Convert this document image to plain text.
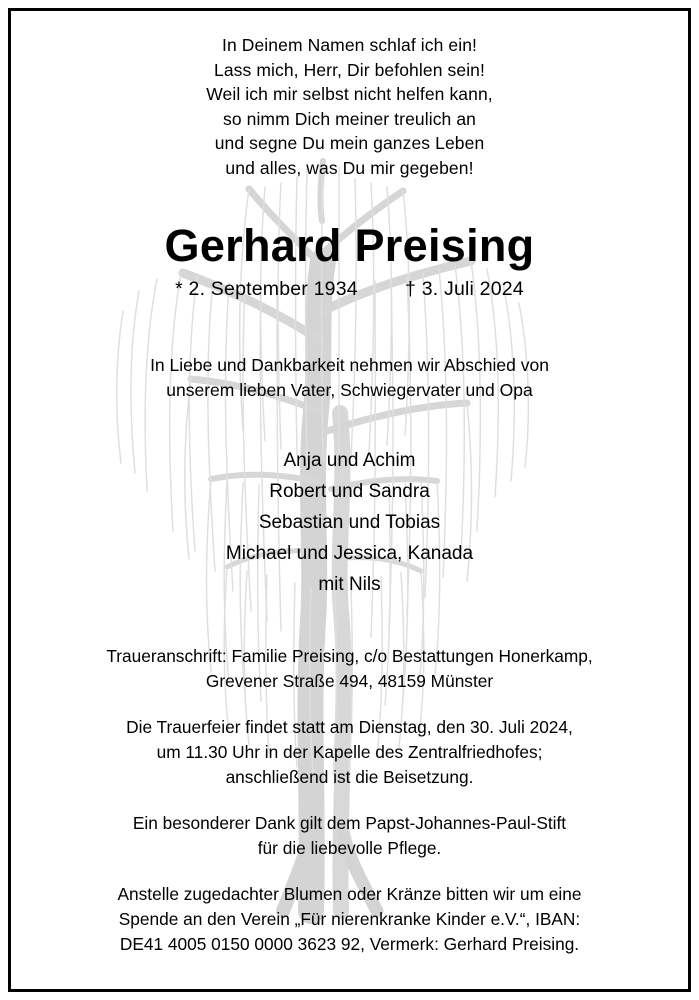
In Deinem Namen schlaf ich ein!
Lass mich, Herr, Dir befohlen sein!
Weil ich mir selbst nicht helfen kann,
so nimm Dich meiner treulich an
und segne Du mein ganzes Leben
und alles, was Du mir gegeben!
Gerhard Preising
* 2. September 1934 † 3. Juli 2024
In Liebe und Dankbarkeit nehmen wir Abschied von
unserem lieben Vater, Schwiegervater und Opa
Anja und Achim
Robert und Sandra
Sebastian und Tobias
Michael und Jessica, Kanada
mit Nils
Traueranschrift: Familie Preising, c/o Bestattungen Honerkamp,
Grevener Straße 494, 48159 Münster
Die Trauerfeier findet statt am Dienstag, den 30. Juli 2024,
um 11.30 Uhr in der Kapelle des Zentralfriedhofes;
anschließend ist die Beisetzung.
Ein besonderer Dank gilt dem Papst-Johannes-Paul-Stift
für die liebevolle Pflege.
Anstelle zugedachter Blumen oder Kränze bitten wir um eine
Spende an den Verein „Für nierenkranke Kinder e.V.“, IBAN:
DE41 4005 0150 0000 3623 92, Vermerk: Gerhard Preising.
